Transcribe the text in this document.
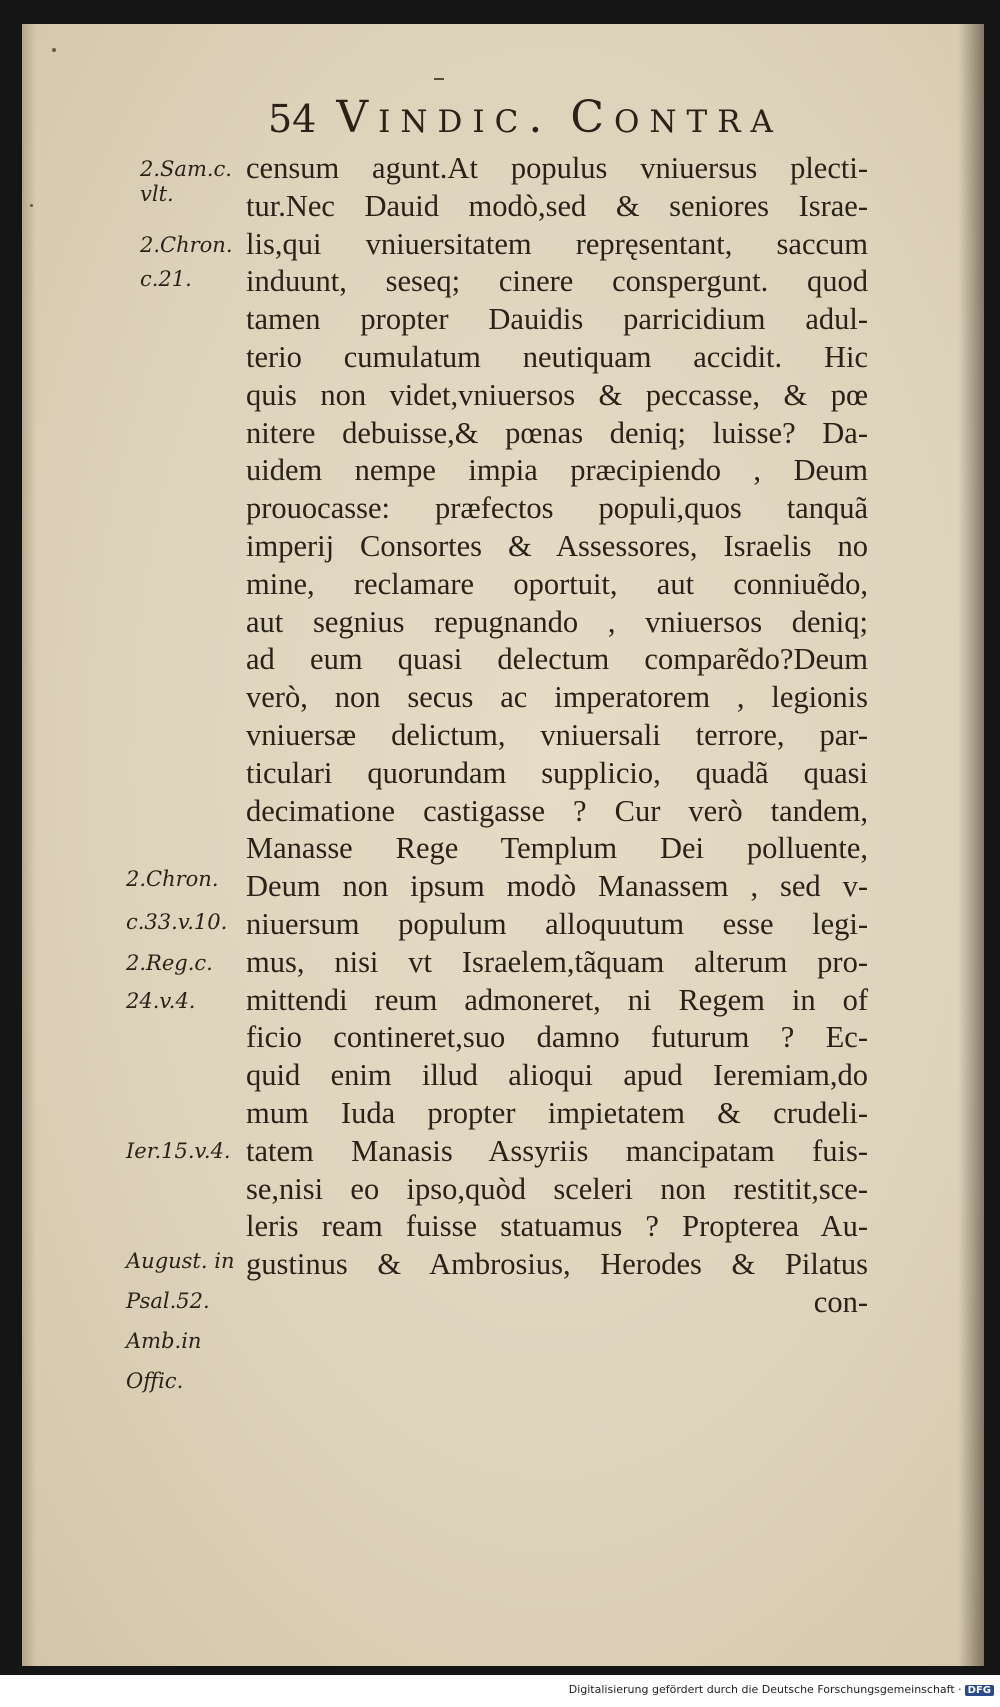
54 Vindic. Contra
censum agunt.At populus vniuersus plecti-
tur.Nec Dauid modò,sed & seniores Israe-
lis,qui vniuersitatem repręsentant, saccum
induunt, seseq; cinere conspergunt. quod
tamen propter Dauidis parricidium adul-
terio cumulatum neutiquam accidit. Hic
quis non videt,vniuersos & peccasse, & pœ
nitere debuisse,& pœnas deniq; luisse? Da-
uidem nempe impia præcipiendo , Deum
prouocasse: præfectos populi,quos tanquã
imperij Consortes & Assessores, Israelis no
mine, reclamare oportuit, aut conniuẽdo,
aut segnius repugnando , vniuersos deniq;
ad eum quasi delectum comparẽdo?Deum
verò, non secus ac imperatorem , legionis
vniuersæ delictum, vniuersali terrore, par-
ticulari quorundam supplicio, quadã quasi
decimatione castigasse ? Cur verò tandem,
Manasse Rege Templum Dei polluente,
Deum non ipsum modò Manassem , sed v-
niuersum populum alloquutum esse legi-
mus, nisi vt Israelem,tãquam alterum pro-
mittendi reum admoneret, ni Regem in of
ficio contineret,suo damno futurum ? Ec-
quid enim illud alioqui apud Ieremiam,do
mum Iuda propter impietatem & crudeli-
tatem Manasis Assyriis mancipatam fuis-
se,nisi eo ipso,quòd sceleri non restitit,sce-
leris ream fuisse statuamus ? Propterea Au-
gustinus & Ambrosius, Herodes & Pilatus
con-
2.Sam.c.
vlt.
2.Chron.
c.21.
2.Chron.
c.33.v.10.
2.Reg.c.
24.v.4.
Ier.15.v.4.
August. in
Psal.52.
Amb.in
Offic.
Digitalisierung gefördert durch die Deutsche Forschungsgemeinschaft · DFG
